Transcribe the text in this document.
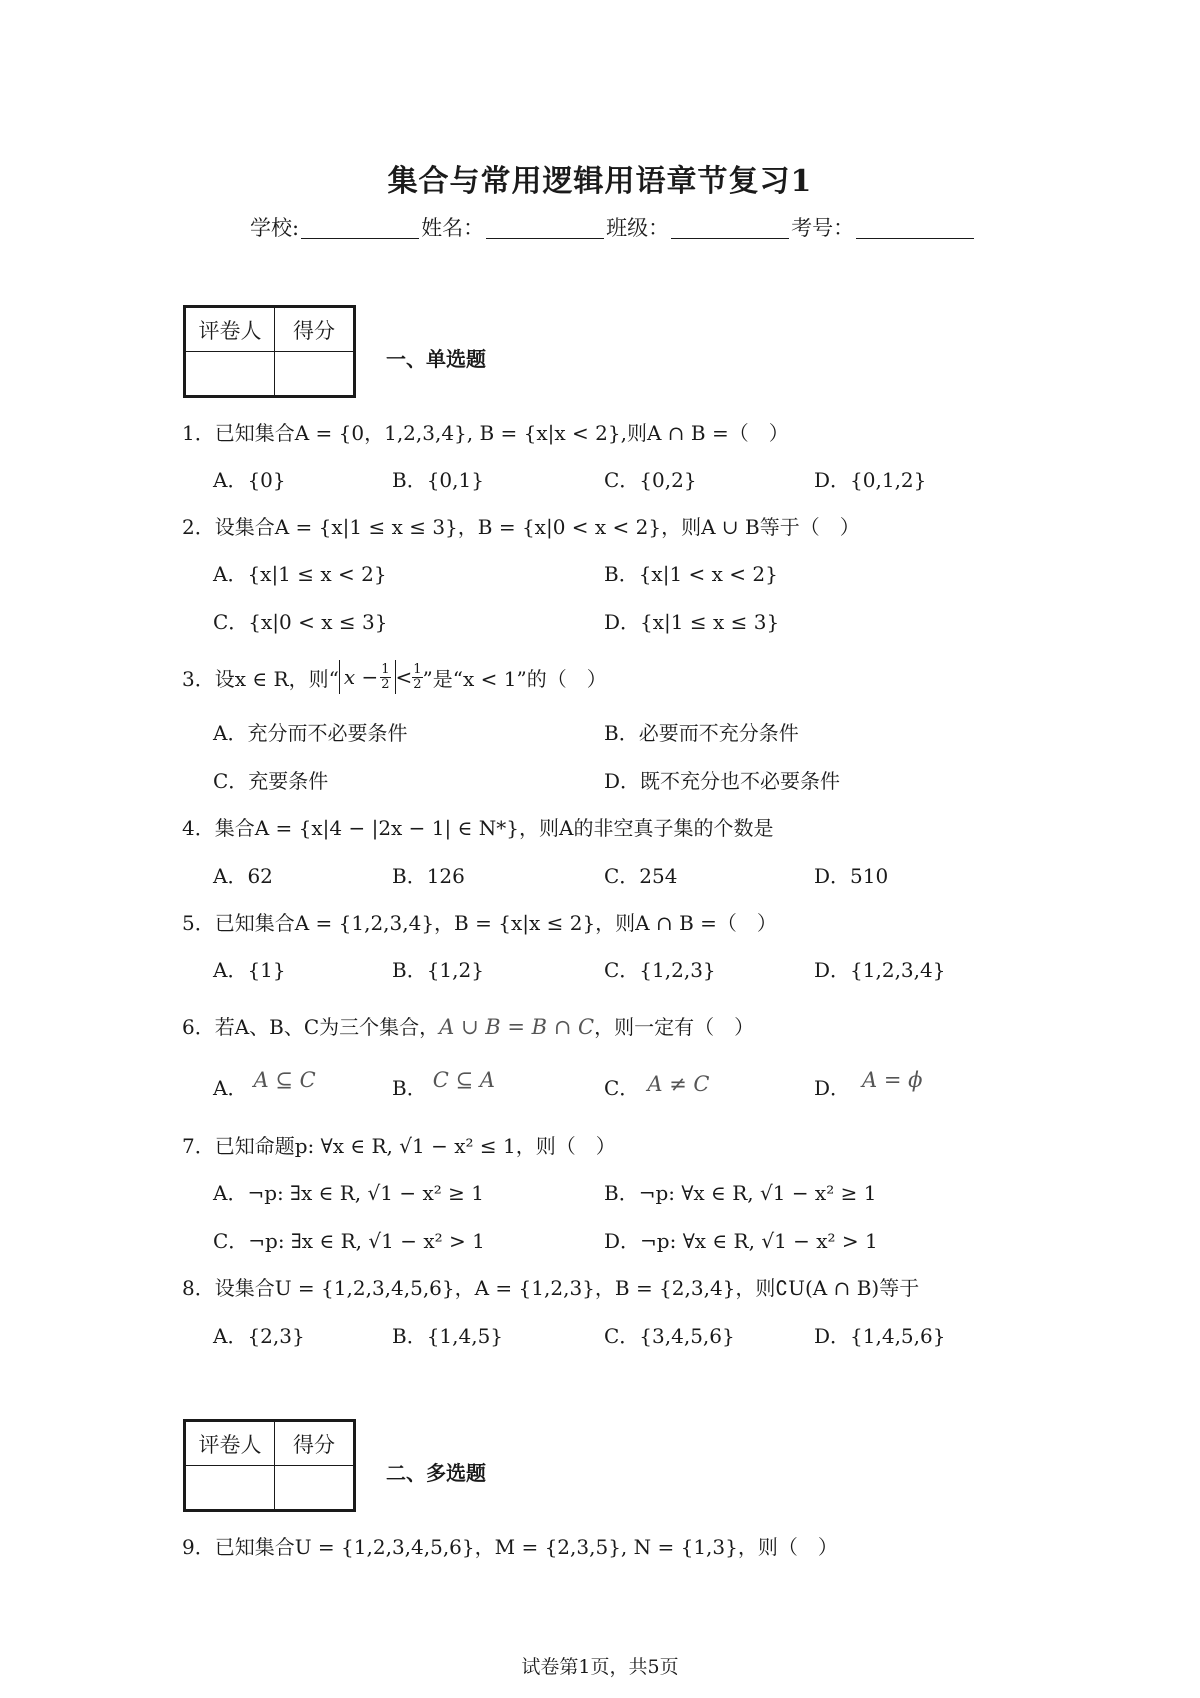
集合与常用逻辑用语章节复习1
学校:	姓名：	班级：	考号：
评卷人	得分

一、单选题
1．已知集合A = {0，1,2,3,4}, B = {x|x < 2},则A ∩ B =（　）
A．{0}	B．{0,1}	C．{0,2}	D．{0,1,2}
2．设集合A = {x|1 ≤ x ≤ 3}，B = {x|0 < x < 2}，则A ∪ B等于（　）
A．{x|1 ≤ x < 2}	B．{x|1 < x < 2}
C．{x|0 < x ≤ 3}	D．{x|1 ≤ x ≤ 3}
3．设x ∈ R，则“ $x - \frac{1}{2} < \frac{1}{2}$ ”是“x < 1”的（　）
A．充分而不必要条件	B．必要而不充分条件
C．充要条件	D．既不充分也不必要条件
4．集合A = {x|4 − |2x − 1| ∈ N*}，则A的非空真子集的个数是
A．62	B．126	C．254	D．510
5．已知集合A = {1,2,3,4}，B = {x|x ≤ 2}，则A ∩ B =（　）
A．{1}	B．{1,2}	C．{1,2,3}	D．{1,2,3,4}
6．若A、B、C为三个集合，A ∪ B = B ∩ C，则一定有（　）
A． A ⊆ C	B． C ⊆ A	C． A ≠ C	D． A = ϕ
7．已知命题p: ∀x ∈ R, √1 − x² ≤ 1，则（　）
A．¬p: ∃x ∈ R, √1 − x² ≥ 1	B．¬p: ∀x ∈ R, √1 − x² ≥ 1
C．¬p: ∃x ∈ R, √1 − x² > 1	D．¬p: ∀x ∈ R, √1 − x² > 1
8．设集合U = {1,2,3,4,5,6}，A = {1,2,3}，B = {2,3,4}，则∁U(A ∩ B)等于
A．{2,3}	B．{1,4,5}	C．{3,4,5,6}	D．{1,4,5,6}
评卷人	得分

二、多选题
9．已知集合U = {1,2,3,4,5,6}，M = {2,3,5}, N = {1,3}，则（　）
试卷第1页，共5页
